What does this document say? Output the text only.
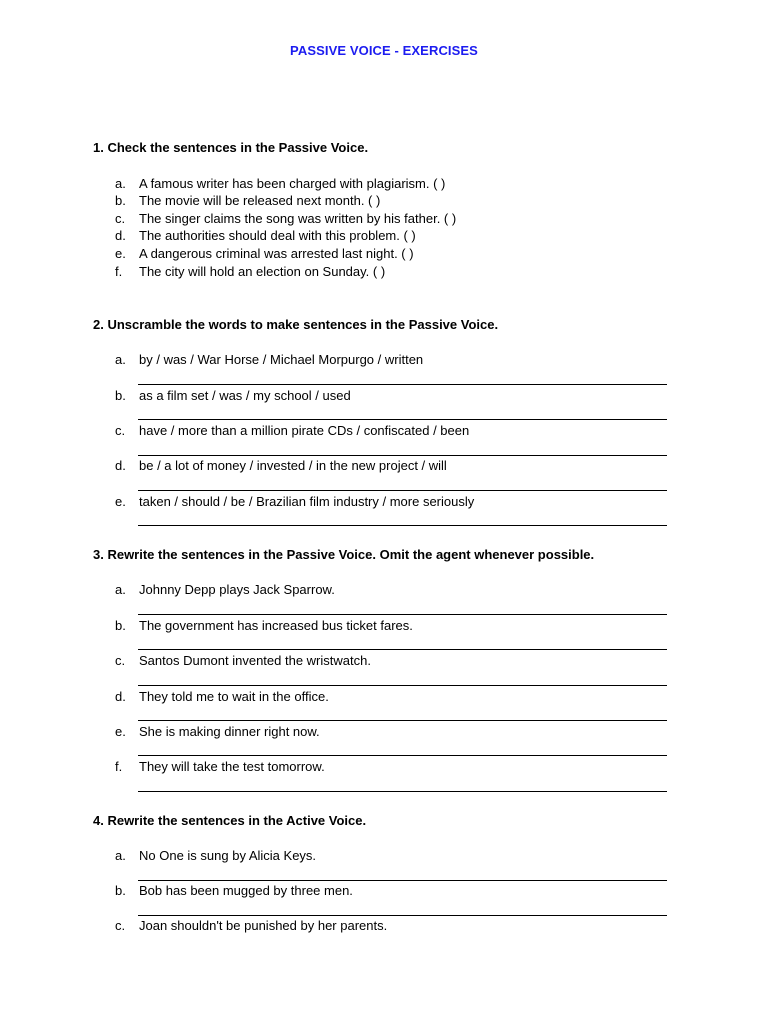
PASSIVE VOICE - EXERCISES
1. Check the sentences in the Passive Voice.
a. A famous writer has been charged with plagiarism. ( )
b. The movie will be released next month. ( )
c. The singer claims the song was written by his father. ( )
d. The authorities should deal with this problem. ( )
e. A dangerous criminal was arrested last night. ( )
f. The city will hold an election on Sunday. ( )
2. Unscramble the words to make sentences in the Passive Voice.
a. by / was / War Horse / Michael Morpurgo / written
b. as a film set / was / my school / used
c. have / more than a million pirate CDs / confiscated / been
d. be / a lot of money / invested / in the new project / will
e. taken / should / be / Brazilian film industry / more seriously
3. Rewrite the sentences in the Passive Voice. Omit the agent whenever possible.
a. Johnny Depp plays Jack Sparrow.
b. The government has increased bus ticket fares.
c. Santos Dumont invented the wristwatch.
d. They told me to wait in the office.
e. She is making dinner right now.
f. They will take the test tomorrow.
4. Rewrite the sentences in the Active Voice.
a. No One is sung by Alicia Keys.
b. Bob has been mugged by three men.
c. Joan shouldn't be punished by her parents.
